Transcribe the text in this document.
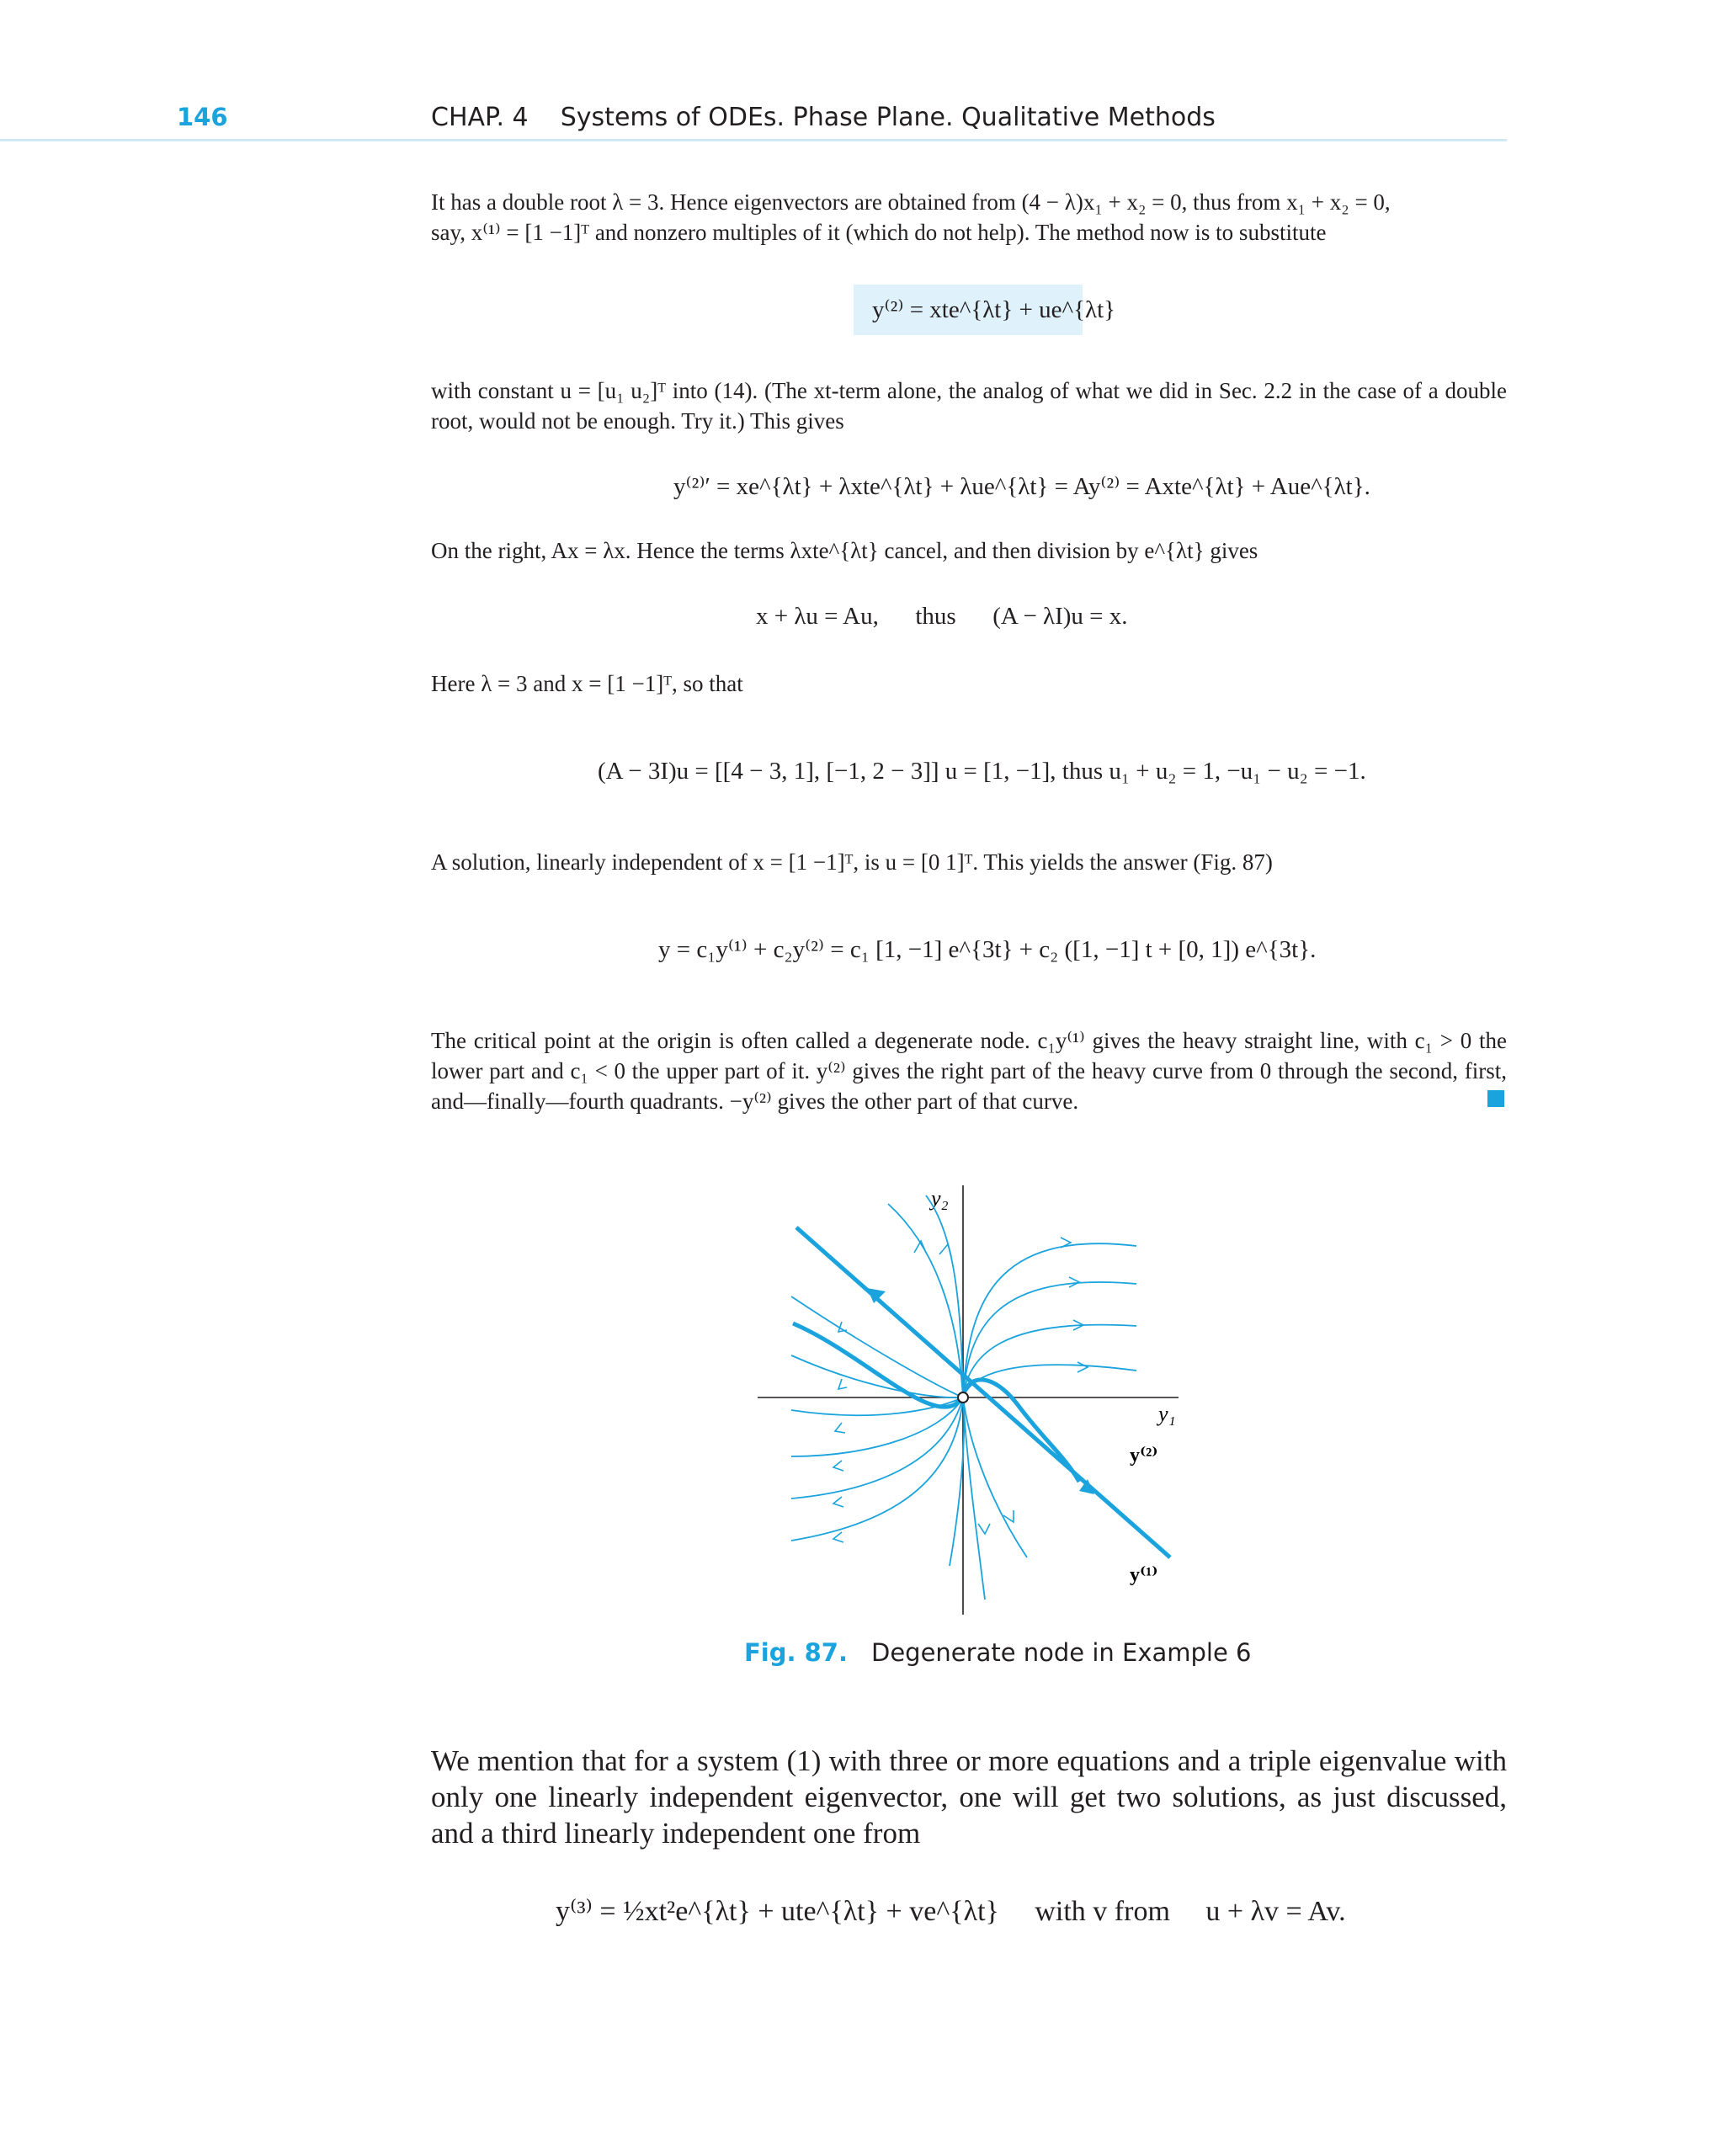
146	CHAP. 4    Systems of ODEs. Phase Plane. Qualitative Methods
It has a double root λ = 3. Hence eigenvectors are obtained from (4 − λ)x₁ + x₂ = 0, thus from x₁ + x₂ = 0,
say, x⁽¹⁾ = [1 −1]ᵀ and nonzero multiples of it (which do not help). The method now is to substitute
y⁽²⁾ = xte^{λt} + ue^{λt}
with constant u = [u₁ u₂]ᵀ into (14). (The xt-term alone, the analog of what we did in Sec. 2.2 in the case of a double root, would not be enough. Try it.) This gives
y⁽²⁾′ = xe^{λt} + λxte^{λt} + λue^{λt} = Ay⁽²⁾ = Axte^{λt} + Aue^{λt}.
On the right, Ax = λx. Hence the terms λxte^{λt} cancel, and then division by e^{λt} gives
x + λu = Au,      thus      (A − λI)u = x.
Here λ = 3 and x = [1 −1]ᵀ, so that
(A − 3I)u = [[4 − 3, 1], [−1, 2 − 3]] u = [1, −1], thus u₁ + u₂ = 1, −u₁ − u₂ = −1.
A solution, linearly independent of x = [1 −1]ᵀ, is u = [0 1]ᵀ. This yields the answer (Fig. 87)
y = c₁y⁽¹⁾ + c₂y⁽²⁾ = c₁ [1, −1] e^{3t} + c₂ ([1, −1] t + [0, 1]) e^{3t}.
The critical point at the origin is often called a degenerate node. c₁y⁽¹⁾ gives the heavy straight line, with c₁ > 0 the lower part and c₁ < 0 the upper part of it. y⁽²⁾ gives the right part of the heavy curve from 0 through the second, first, and—finally—fourth quadrants. −y⁽²⁾ gives the other part of that curve.
y₂
y₁
y⁽²⁾
y⁽¹⁾
Fig. 87. Degenerate node in Example 6
We mention that for a system (1) with three or more equations and a triple eigenvalue with only one linearly independent eigenvector, one will get two solutions, as just discussed, and a third linearly independent one from
y⁽³⁾ = ½xt²e^{λt} + ute^{λt} + ve^{λt}     with v from     u + λv = Av.
